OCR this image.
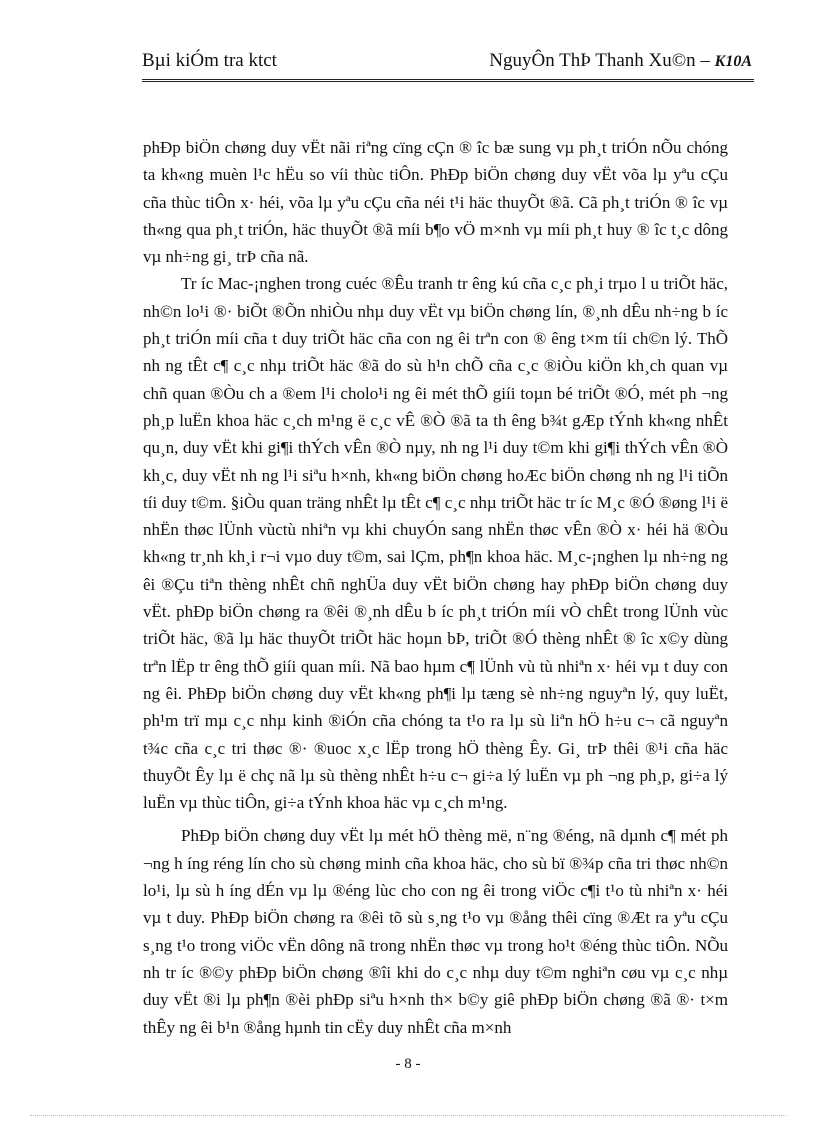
Bµi kiÓm tra ktct	NguyÔn ThÞ Thanh Xu©n – K10A

phÐp biÖn chøng duy vËt nãi riªng cïng cÇn ® îc bæ sung vµ ph¸t triÓn nÕu chóng ta kh«ng muèn l¹c hËu so víi thùc tiÔn. PhÐp biÖn chøng duy vËt võa lµ yªu cÇu cña thùc tiÔn x· héi, võa lµ yªu cÇu cña néi t¹i häc thuyÕt ®ã. Cã ph¸t triÓn ® îc vµ th«ng qua ph¸t triÓn, häc thuyÕt ®ã míi b¶o vÖ m×nh vµ míi ph¸t huy ® îc t¸c dông vµ nh÷ng gi¸ trÞ cña nã.

Tr íc Mac-¡nghen trong cuéc ®Êu tranh tr êng kú cña c¸c ph¸i trµo l u triÕt häc, nh©n lo¹i ®· biÕt ®Õn nhiÒu nhµ duy vËt vµ biÖn chøng lín, ®¸nh dÊu nh÷ng b íc ph¸t triÓn míi cña t duy triÕt häc cña con ng êi trªn con ® êng t×m tíi ch©n lý. ThÕ nh ng tÊt c¶ c¸c nhµ triÕt häc ®ã do sù h¹n chÕ cña c¸c ®iÒu kiÖn kh¸ch quan vµ chñ quan ®Òu ch a ®em l¹i cholo¹i ng êi mét thÕ giíi toµn bé triÕt ®Ó, mét ph ¬ng ph¸p luËn khoa häc c¸ch m¹ng ë c¸c vÊ ®Ò ®ã ta th êng b¾t gÆp tÝnh kh«ng nhÊt qu¸n, duy vËt khi gi¶i thÝch vÊn ®Ò nµy, nh ng l¹i duy t©m khi gi¶i thÝch vÊn ®Ò kh¸c, duy vËt nh ng l¹i siªu h×nh, kh«ng biÖn chøng hoÆc biÖn chøng nh ng l¹i tiÕn tíi duy t©m. §iÒu quan träng nhÊt lµ tÊt c¶ c¸c nhµ triÕt häc tr íc M¸c ®Ó ®øng l¹i ë nhËn thøc lÜnh vùctù nhiªn vµ khi chuyÓn sang nhËn thøc vÊn ®Ò x· héi hä ®Òu kh«ng tr¸nh kh¸i r¬i vµo duy t©m, sai lÇm, ph¶n khoa häc. M¸c-¡nghen lµ nh÷ng ng êi ®Çu tiªn thèng nhÊt chñ nghÜa duy vËt biÖn chøng hay phÐp biÖn chøng duy vËt. phÐp biÖn chøng ra ®êi ®¸nh dÊu b íc ph¸t triÓn míi vÒ chÊt trong lÜnh vùc triÕt häc, ®ã lµ häc thuyÕt triÕt häc hoµn bÞ, triÕt ®Ó thèng nhÊt ® îc x©y dùng trªn lËp tr êng thÕ giíi quan míi. Nã bao hµm c¶ lÜnh vù tù nhiªn x· héi vµ t duy con ng êi. PhÐp biÖn chøng duy vËt kh«ng ph¶i lµ tæng sè nh÷ng nguyªn lý, quy luËt, ph¹m trï mµ c¸c nhµ kinh ®iÓn cña chóng ta t¹o ra lµ sù liªn hÖ h÷u c¬ cã nguyªn t¾c cña c¸c tri thøc ®· ®uoc x¸c lËp trong hÖ thèng Êy. Gi¸ trÞ thêi ®¹i cña häc thuyÕt Êy lµ ë chç nã lµ sù thèng nhÊt h÷u c¬ gi÷a lý luËn vµ ph ¬ng ph¸p, gi÷a lý luËn vµ thùc tiÔn, gi÷a tÝnh khoa häc vµ c¸ch m¹ng.

PhÐp biÖn chøng duy vËt lµ mét hÖ thèng më, n¨ng ®éng, nã dµnh c¶ mét ph ¬ng h íng réng lín cho sù chøng minh cña khoa häc, cho sù bï ®¾p cña tri thøc nh©n lo¹i, lµ sù h íng dÉn vµ lµ ®éng lùc cho con ng êi trong viÖc c¶i t¹o tù nhiªn x· héi vµ t duy. PhÐp biÖn chøng ra ®êi tõ sù s¸ng t¹o vµ ®ång thêi cïng ®Æt ra yªu cÇu s¸ng t¹o trong viÖc vËn dông nã trong nhËn thøc vµ trong ho¹t ®éng thùc tiÔn. NÕu nh tr íc ®©y phÐp biÖn chøng ®îi khi do c¸c nhµ duy t©m nghiªn cøu vµ c¸c nhµ duy vËt ®i lµ ph¶n ®èi phÐp siªu h×nh th× b©y giê phÐp biÖn chøng ®ã ®· t×m thÊy ng êi b¹n ®ång hµnh tin cËy duy nhÊt cña m×nh

- 8 -
